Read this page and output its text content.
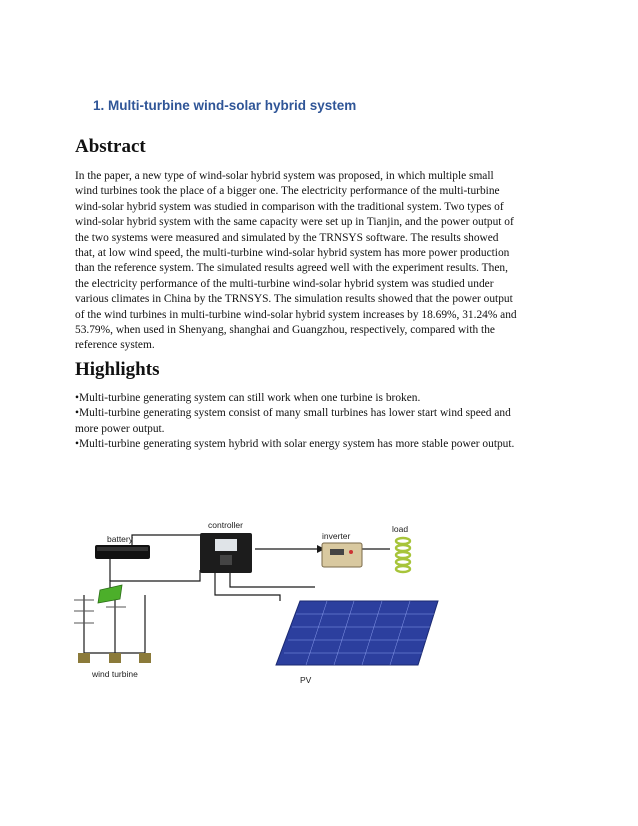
1. Multi-turbine wind-solar hybrid system
Abstract

In the paper, a new type of wind-solar hybrid system was proposed, in which multiple small
wind turbines took the place of a bigger one. The electricity performance of the multi-turbine
wind-solar hybrid system was studied in comparison with the traditional system. Two types of
wind-solar hybrid system with the same capacity were set up in Tianjin, and the power output of
the two systems were measured and simulated by the TRNSYS software. The results showed
that, at low wind speed, the multi-turbine wind-solar hybrid system has more power production
than the reference system. The simulated results agreed well with the experiment results. Then,
the electricity performance of the multi-turbine wind-solar hybrid system was studied under
various climates in China by the TRNSYS. The simulation results showed that the power output
of the wind turbines in multi-turbine wind-solar hybrid system increases by 18.69%, 31.24% and
53.79%, when used in Shenyang, shanghai and Guangzhou, respectively, compared with the
reference system.

Highlights
•Multi-turbine generating system can still work when one turbine is broken.
•Multi-turbine generating system consist of many small turbines has lower start wind speed and
more power output.
•Multi-turbine generating system hybrid with solar energy system has more stable power output.
battery
controller
inverter
load
wind turbine
PV
